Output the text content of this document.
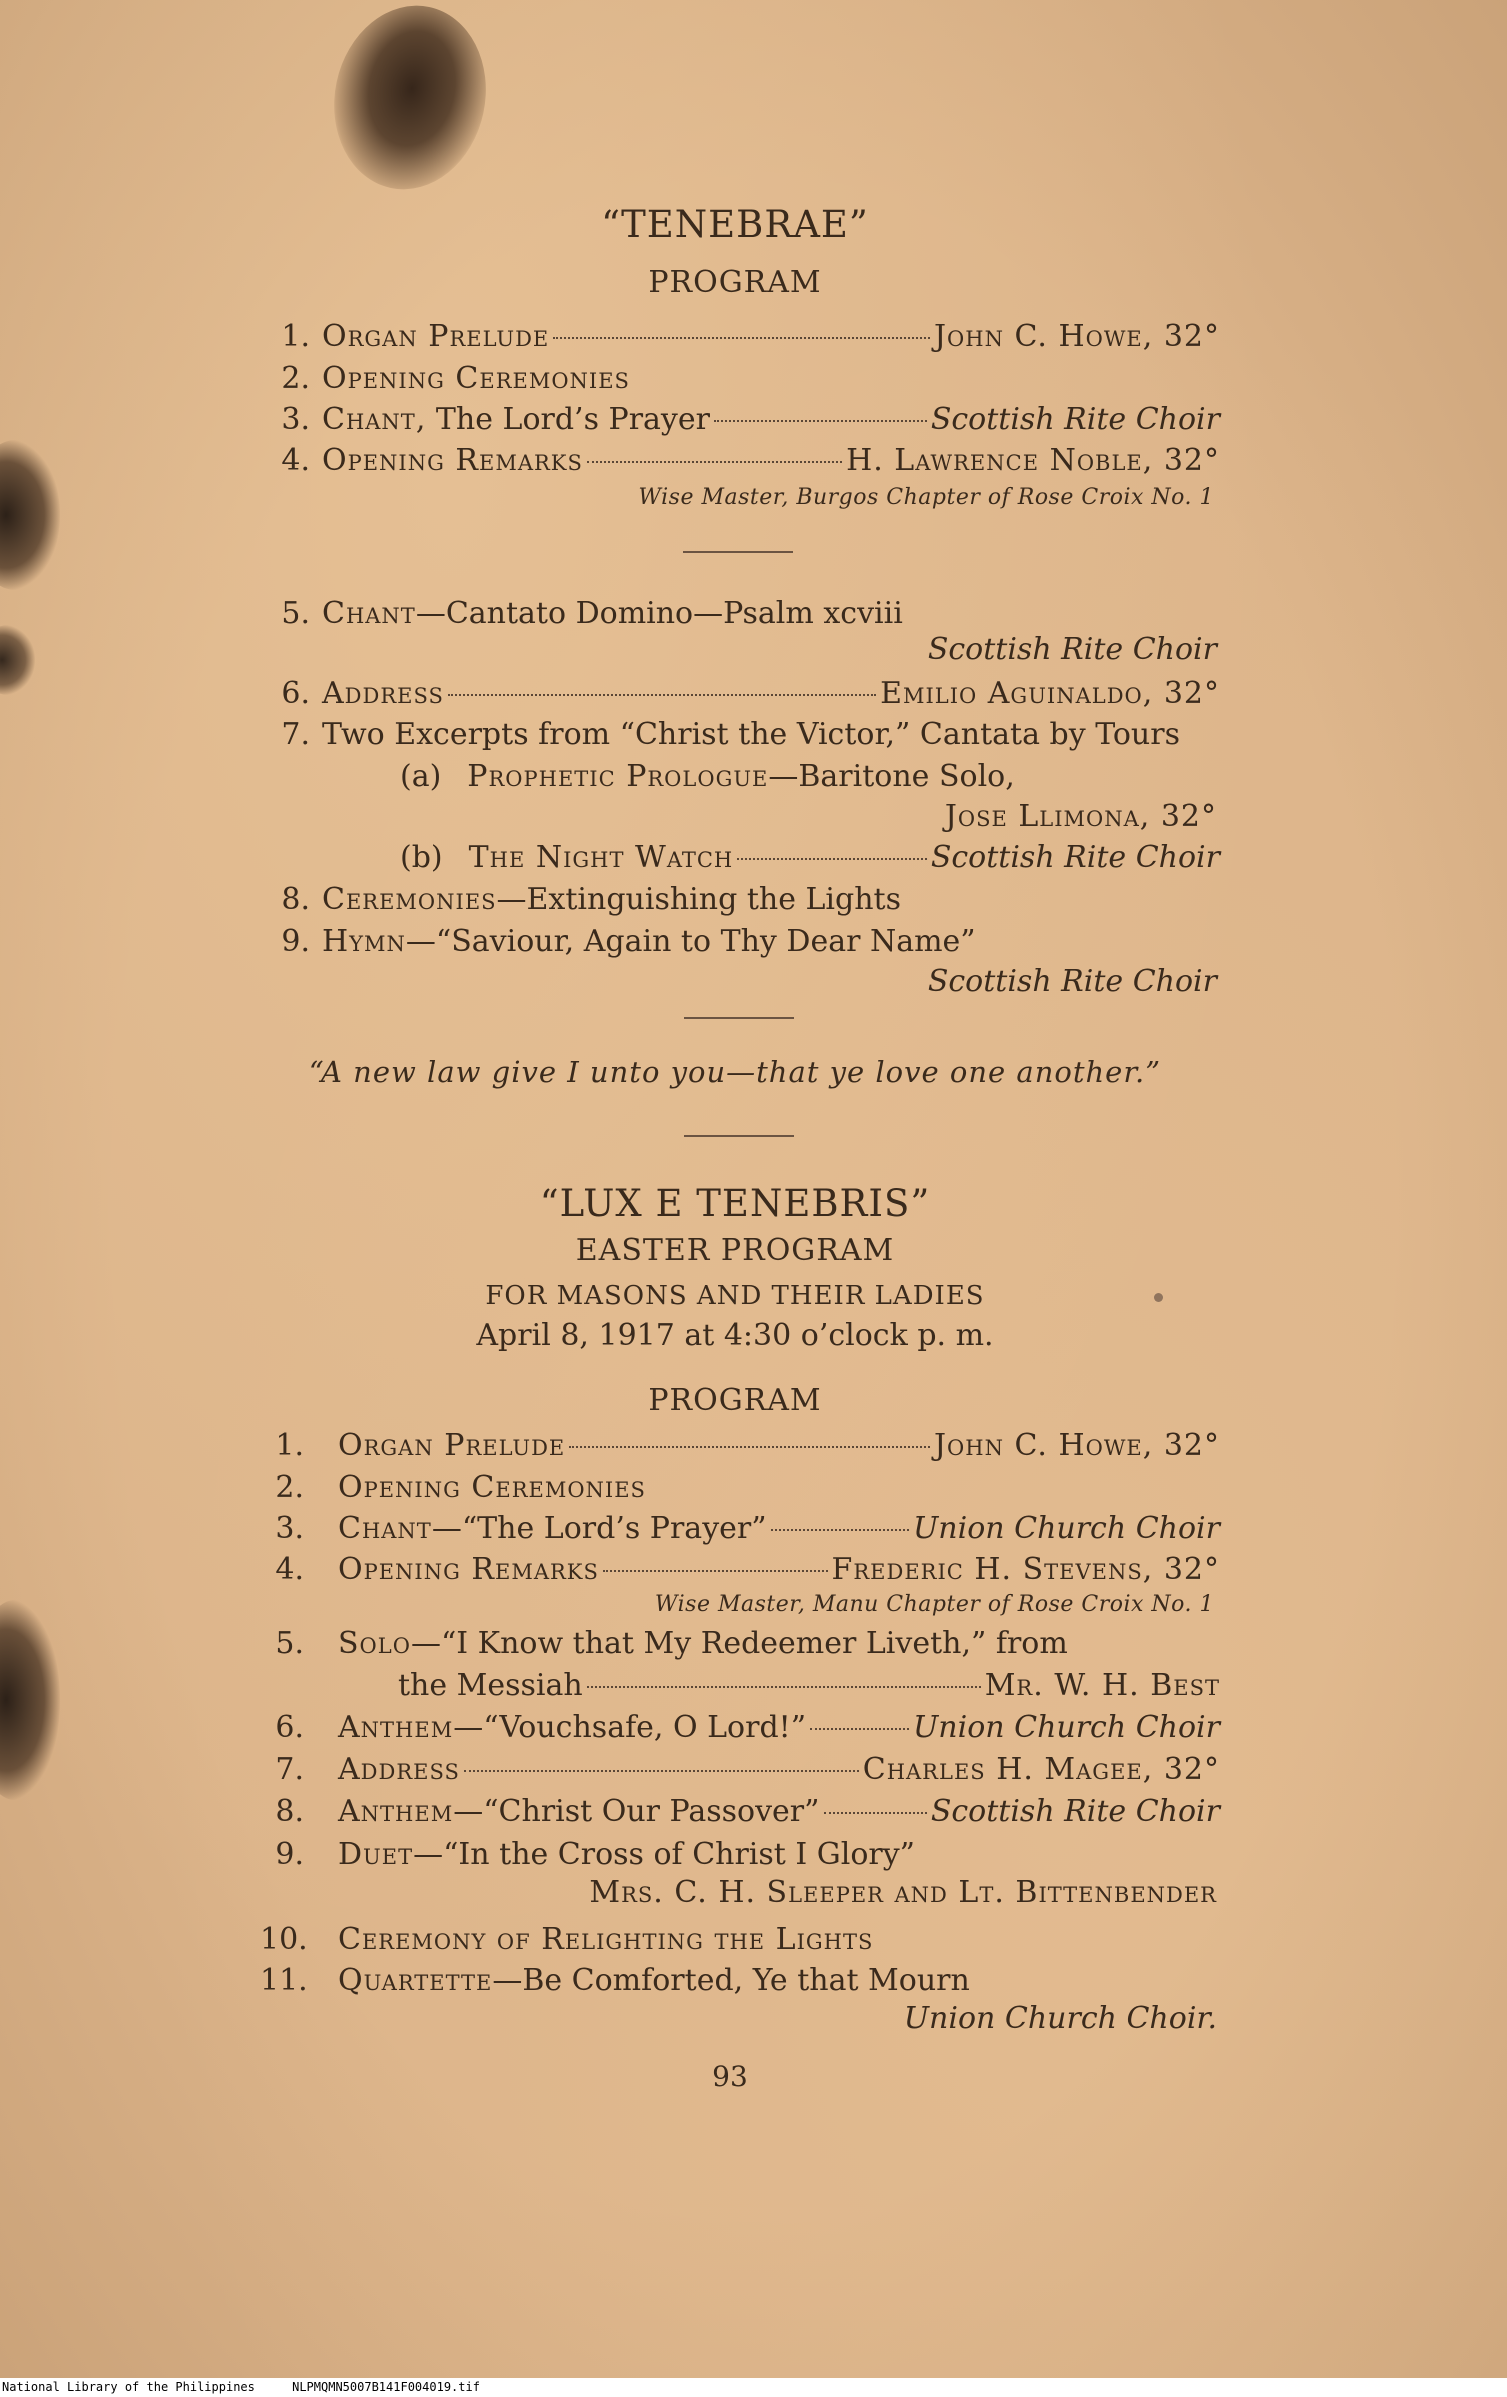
“TENEBRAE”
PROGRAM
1. Organ Prelude	John C. Howe, 32°
2. Opening Ceremonies
3. Chant, The Lord’s Prayer	Scottish Rite Choir
4. Opening Remarks	H. Lawrence Noble, 32°
Wise Master, Burgos Chapter of Rose Croix No. 1
5. Chant —Cantato Domino—Psalm xcviii
Scottish Rite Choir
6. Address	Emilio Aguinaldo, 32°
7. Two Excerpts from “Christ the Victor,” Cantata by Tours
(a) Prophetic Prologue —Baritone Solo,
Jose Llimona, 32°
(b) The Night Watch	Scottish Rite Choir
8. Ceremonies —Extinguishing the Lights
9. Hymn —“Saviour, Again to Thy Dear Name”
Scottish Rite Choir
“A new law give I unto you—that ye love one another.”
“LUX E TENEBRIS”
EASTER PROGRAM
FOR MASONS AND THEIR LADIES
April 8, 1917 at 4:30 o’clock p. m.
PROGRAM
1. Organ Prelude	John C. Howe, 32°
2. Opening Ceremonies
3. Chant —“The Lord’s Prayer”	Union Church Choir
4. Opening Remarks	Frederic H. Stevens, 32°
Wise Master, Manu Chapter of Rose Croix No. 1
5. Solo —“I Know that My Redeemer Liveth,” from
the Messiah	Mr. W. H. Best
6. Anthem —“Vouchsafe, O Lord!”	Union Church Choir
7. Address	Charles H. Magee, 32°
8. Anthem —“Christ Our Passover”	Scottish Rite Choir
9. Duet —“In the Cross of Christ I Glory”
Mrs. C. H. Sleeper and Lt. Bittenbender
10. Ceremony of Relighting the Lights
11. Quartette —Be Comforted, Ye that Mourn
Union Church Choir.
93
National Library of the Philippines	NLPMQMN5007B141F004019.tif
